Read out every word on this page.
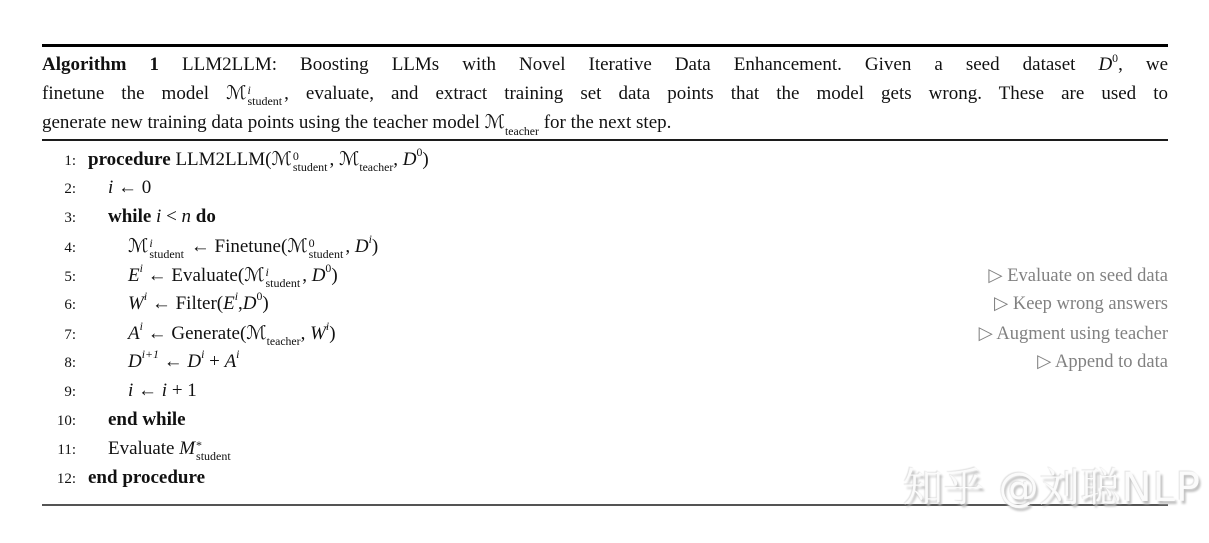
Algorithm 1 LLM2LLM: Boosting LLMs with Novel Iterative Data Enhancement. Given a seed dataset $D^0$, we
finetune the model ℳ i
student , evaluate, and extract training set data points that the model gets wrong. These are used to
generate new training data points using the teacher model ℳ$_{teacher}$ for the next step.
1: procedure LLM2LLM(ℳ 0
student , ℳ$_{teacher}$, $D^0$)
2: i ← 0
3: while i < n do
4:	ℳ i
student ← Finetune(ℳ 0
student , $D^i$)
5:	$E^i$ ← Evaluate(ℳ i
student , $D^0$)	▷ Evaluate on seed data
6:	$W^i$ ← $Filter(E^i,D^0)$	▷ Keep wrong answers
7:	$A^i$ ← Generate(ℳ$_{teacher}$, $W^i$)	▷ Augment using teacher
8:	$D^{i+1}$ ← $D^i + A^i$	▷ Append to data
9:	i ← i + 1
10: end while
11: Evaluate M *
student
12: end procedure	知乎 @刘聪NLP
